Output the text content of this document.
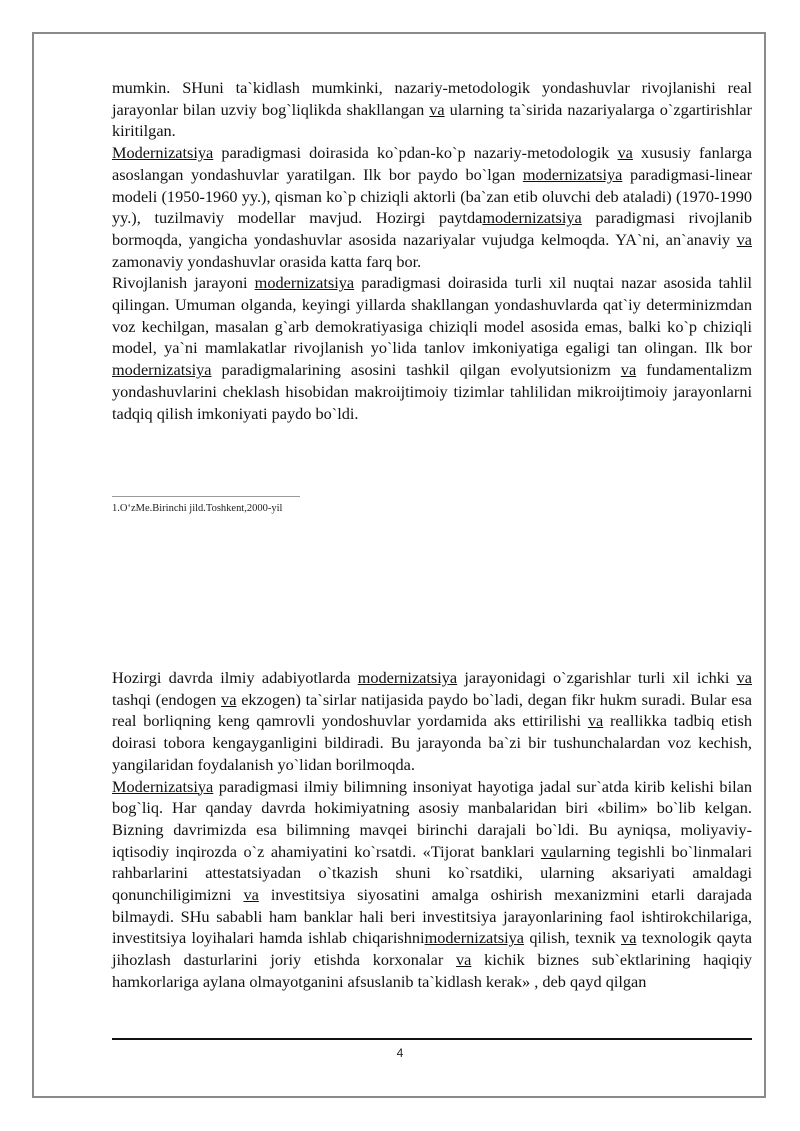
mumkin. SHuni ta`kidlash mumkinki, nazariy-metodologik yondashuvlar rivojlanishi real jarayonlar bilan uzviy bog`liqlikda shakllangan va ularning ta`sirida nazariyalarga o`zgartirishlar kiritilgan.

Modernizatsiya paradigmasi doirasida ko`pdan-ko`p nazariy-metodologik va xususiy fanlarga asoslangan yondashuvlar yaratilgan. Ilk bor paydo bo`lgan modernizatsiya paradigmasi-linear modeli (1950-1960 yy.), qisman ko`p chiziqli aktorli (ba`zan etib oluvchi deb ataladi) (1970-1990 yy.), tuzilmaviy modellar mavjud. Hozirgi paytdamodernizatsiya paradigmasi rivojlanib bormoqda, yangicha yondashuvlar asosida nazariyalar vujudga kelmoqda. YA`ni, an`anaviy va zamonaviy yondashuvlar orasida katta farq bor.

Rivojlanish jarayoni modernizatsiya paradigmasi doirasida turli xil nuqtai nazar asosida tahlil qilingan. Umuman olganda, keyingi yillarda shakllangan yondashuvlarda qat`iy determinizmdan voz kechilgan, masalan g`arb demokratiyasiga chiziqli model asosida emas, balki ko`p chiziqli model, ya`ni mamlakatlar rivojlanish yo`lida tanlov imkoniyatiga egaligi tan olingan. Ilk bor modernizatsiya paradigmalarining asosini tashkil qilgan evolyutsionizm va fundamentalizm yondashuvlarini cheklash hisobidan makroijtimoiy tizimlar tahlilidan mikroijtimoiy jarayonlarni tadqiq qilish imkoniyati paydo bo`ldi.

1.O‘zMe.Birinchi jild.Toshkent,2000-yil

Hozirgi davrda ilmiy adabiyotlarda modernizatsiya jarayonidagi o`zgarishlar turli xil ichki va tashqi (endogen va ekzogen) ta`sirlar natijasida paydo bo`ladi, degan fikr hukm suradi. Bular esa real borliqning keng qamrovli yondoshuvlar yordamida aks ettirilishi va reallikka tadbiq etish doirasi tobora kengayganligini bildiradi. Bu jarayonda ba`zi bir tushunchalardan voz kechish, yangilaridan foydalanish yo`lidan borilmoqda.

Modernizatsiya paradigmasi ilmiy bilimning insoniyat hayotiga jadal sur`atda kirib kelishi bilan bog`liq. Har qanday davrda hokimiyatning asosiy manbalaridan biri «bilim» bo`lib kelgan. Bizning davrimizda esa bilimning mavqei birinchi darajali bo`ldi. Bu ayniqsa, moliyaviy-iqtisodiy inqirozda o`z ahamiyatini ko`rsatdi. «Tijorat banklari vaularning tegishli bo`linmalari rahbarlarini attestatsiyadan o`tkazish shuni ko`rsatdiki, ularning aksariyati amaldagi qonunchiligimizni va investitsiya siyosatini amalga oshirish mexanizmini etarli darajada bilmaydi. SHu sababli ham banklar hali beri investitsiya jarayonlarining faol ishtirokchilariga, investitsiya loyihalari hamda ishlab chiqarishnimodernizatsiya qilish, texnik va texnologik qayta jihozlash dasturlarini joriy etishda korxonalar va kichik biznes sub`ektlarining haqiqiy hamkorlariga aylana olmayotganini afsuslanib ta`kidlash kerak» , deb qayd qilgan

4
